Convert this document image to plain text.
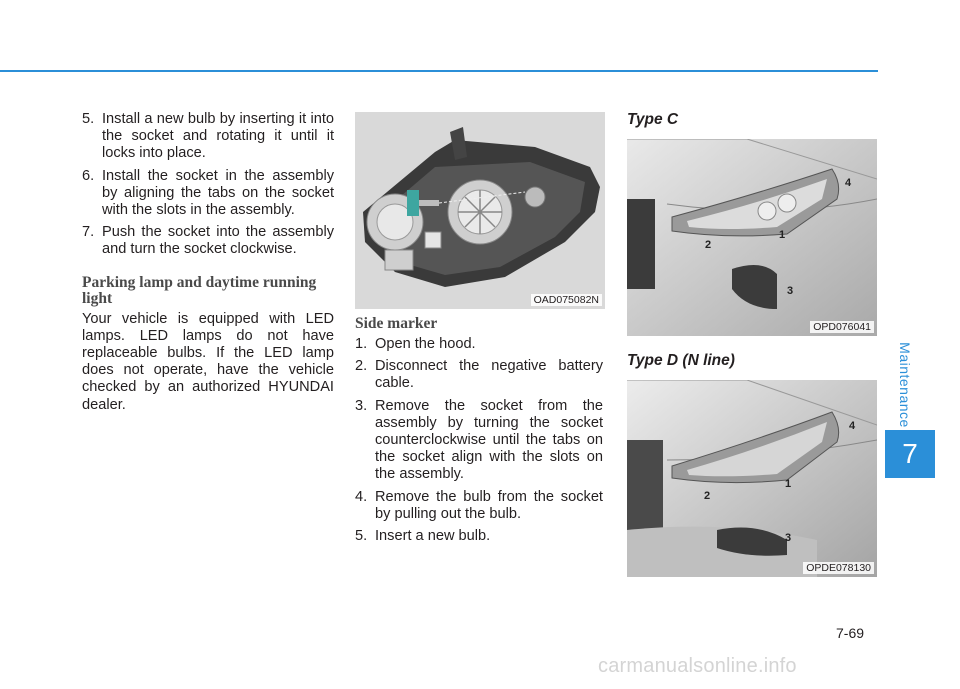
5. Install a new bulb by inserting it into the socket and rotating it until it locks into place.
6. Install the socket in the assembly by aligning the tabs on the socket with the slots in the assembly.
7. Push the socket into the assembly and turn the socket clockwise.
Parking lamp and daytime running light

Your vehicle is equipped with LED lamps. LED lamps do not have replaceable bulbs. If the LED lamp does not operate, have the vehicle checked by an authorized HYUNDAI dealer.

OAD075082N
Side marker
1. Open the hood.
2. Disconnect the negative battery cable.
3. Remove the socket from the assembly by turning the socket counterclockwise until the tabs on the socket align with the slots on the assembly.
4. Remove the bulb from the socket by pulling out the bulb.
5. Insert a new bulb.
Type C
4
1
2
3
OPD076041
Type D (N line)
4
1
2
3
OPDE078130
Maintenance
7
7-69
carmanualsonline.info
